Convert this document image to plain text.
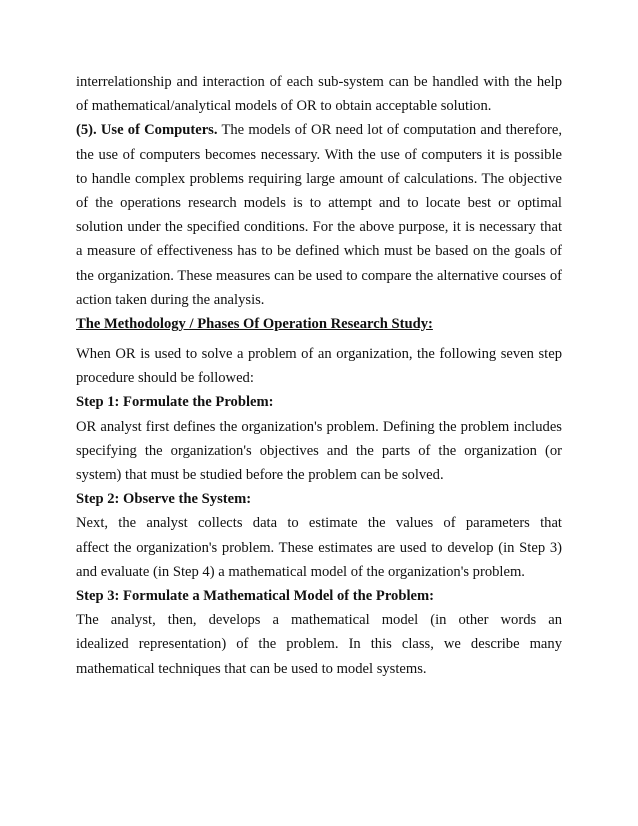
interrelationship and interaction of each sub-system can be handled with the help
of mathematical/analytical models of OR to obtain acceptable solution.
(5). Use of Computers. The models of OR need lot of computation and therefore,
the use of computers becomes necessary. With the use of computers it is possible
to handle complex problems requiring large amount of calculations. The objective
of the operations research models is to attempt and to locate best or optimal
solution under the specified conditions. For the above purpose, it is necessary that
a measure of effectiveness has to be defined which must be based on the goals of
the organization. These measures can be used to compare the alternative courses of
action taken during the analysis.
The Methodology / Phases Of Operation Research Study:
When OR is used to solve a problem of an organization, the following seven step
procedure should be followed:
Step 1: Formulate the Problem:
OR analyst first defines the organization's problem. Defining the problem includes
specifying the organization's objectives and the parts of the organization (or
system) that must be studied before the problem can be solved.
Step 2: Observe the System:
Next, the analyst collects data to estimate the values of parameters that
affect the organization's problem. These estimates are used to develop (in Step 3)
and evaluate (in Step 4) a mathematical model of the organization's problem.
Step 3: Formulate a Mathematical Model of the Problem:
The analyst, then, develops a mathematical model (in other words an
idealized representation) of the problem. In this class, we describe many
mathematical techniques that can be used to model systems.
